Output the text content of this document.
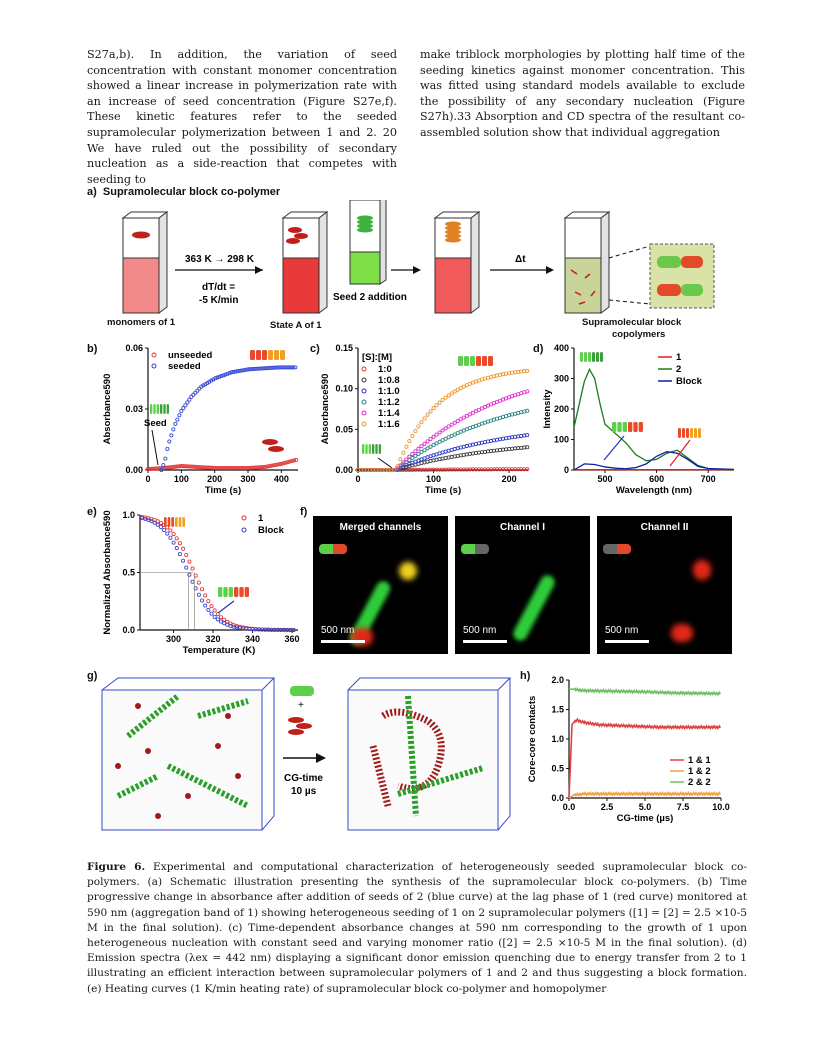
S27a,b). In addition, the variation of seed concentration with constant monomer concentration showed a linear increase in polymerization rate with an increase of seed concentration (Figure S27e,f). These kinetic features refer to the seeded supramolecular polymerization between 1 and 2. 20 We have ruled out the possibility of secondary nucleation as a side-reaction that competes with seeding to

make triblock morphologies by plotting half time of the seeding kinetics against monomer concentration. This was fitted using standard models available to exclude the possibility of any secondary nucleation (Figure S27h).33 Absorption and CD spectra of the resultant co-assembled solution show that individual aggregation

a) Supramolecular block co-polymer
363 K → 298 K
dT/dt =
-5 K/min	Seed 2 addition
Δt
monomers of 1	State A of 1	Supramolecular block
copolymers
b)	c)	d)
e)	f)
g)	h)
0	100 200 300 400
0.00
0.03
0.06
Time (s)
Absorbance590
unseeded
seeded
Seed
0	100	200
0.00
0.05
0.10
0.15
Time (s)
Absorbance590
[S]:[M]
1:0
1:0.8
1:1.0
1:1.2
1:1.4
1:1.6
500	600	700
0
100
200
300
400
Wavelength (nm)
Intensity
1
2
Block
300	320	340	360
0.0
0.5
1.0
Temperature (K)
Normalized Absorbance590	1
Block
0.0	2.5	5.0	7.5	10.0
0.0
0.5
1.0
1.5
2.0
CG-time (µs)
Core-core contacts	1 & 1
1 & 2
2 & 2
Merged channels
500 nm
Channel I
500 nm
Channel II
500 nm
+
CG-time
10 µs

Figure 6. Experimental and computational characterization of heterogeneously seeded supramolecular block co-polymers. (a) Schematic illustration presenting the synthesis of the supramolecular block co-polymers. (b) Time progressive change in absorbance after addition of seeds of 2 (blue curve) at the lag phase of 1 (red curve) monitored at 590 nm (aggregation band of 1) showing heterogeneous seeding of 1 on 2 supramolecular polymers ([1] = [2] = 2.5 ×10-5 M in the final solution). (c) Time-dependent absorbance changes at 590 nm corresponding to the growth of 1 upon heterogeneous nucleation with constant seed and varying monomer ratio ([2] = 2.5 ×10-5 M in the final solution). (d) Emission spectra (λex = 442 nm) displaying a significant donor emission quenching due to energy transfer from 2 to 1 illustrating an efficient interaction between supramolecular polymers of 1 and 2 and thus suggesting a block formation. (e) Heating curves (1 K/min heating rate) of supramolecular block co-polymer and homopolymer
